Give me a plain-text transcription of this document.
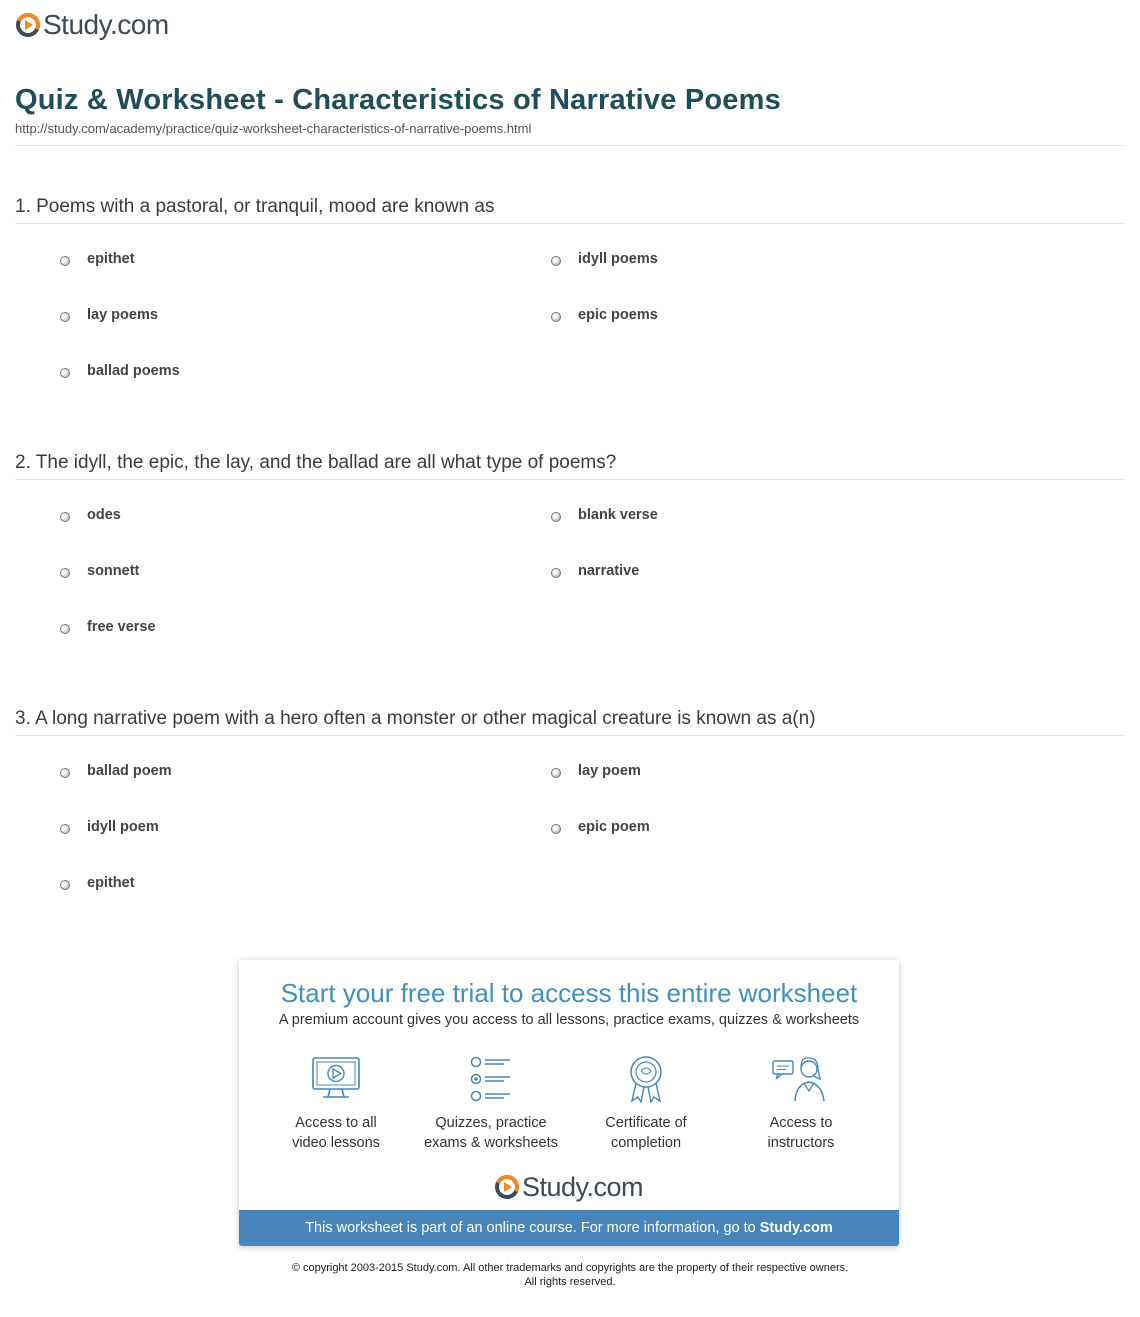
Study.com
Quiz & Worksheet - Characteristics of Narrative Poems
http://study.com/academy/practice/quiz-worksheet-characteristics-of-narrative-poems.html
1. Poems with a pastoral, or tranquil, mood are known as
epithet	idyll poems
lay poems	epic poems
ballad poems
2. The idyll, the epic, the lay, and the ballad are all what type of poems?
odes	blank verse
sonnett	narrative
free verse
3. A long narrative poem with a hero often a monster or other magical creature is known as a(n)
ballad poem	lay poem
idyll poem	epic poem
epithet
Start your free trial to access this entire worksheet
A premium account gives you access to all lessons, practice exams, quizzes & worksheets
Access to all
video lessons
Quizzes, practice
exams & worksheets
Certificate of
completion
Access to
instructors
Study.com
This worksheet is part of an online course. For more information, go to Study.com
© copyright 2003-2015 Study.com. All other trademarks and copyrights are the property of their respective owners.
All rights reserved.
